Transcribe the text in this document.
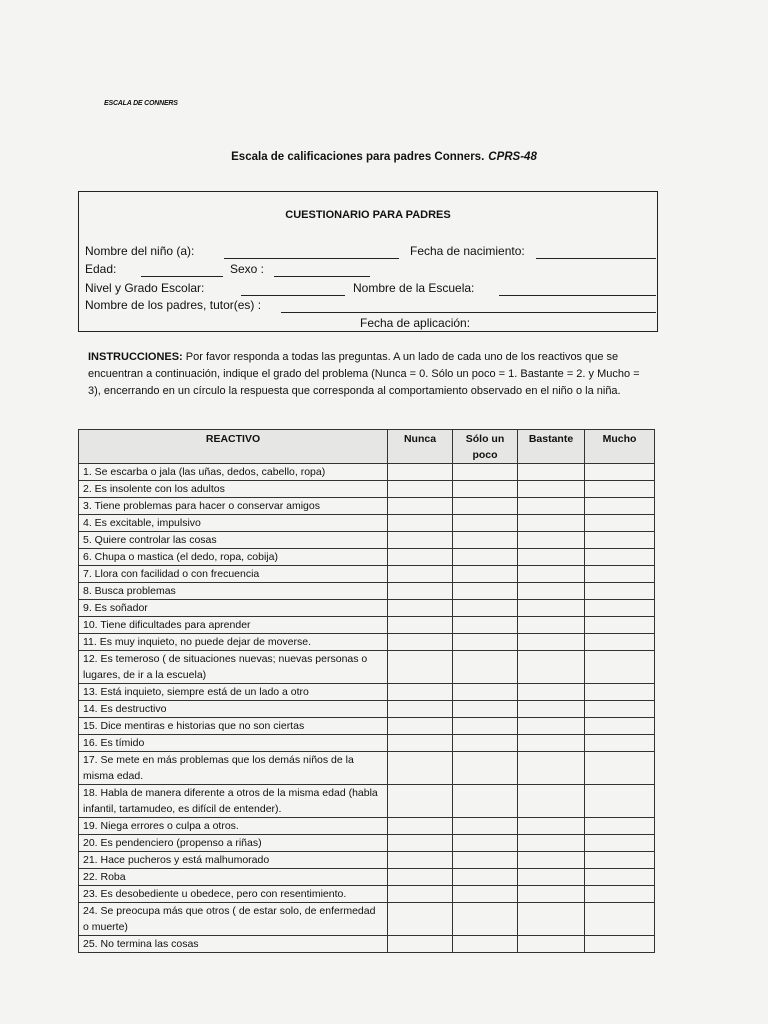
ESCALA DE CONNERS
Escala de calificaciones para padres Conners. CPRS-48
CUESTIONARIO PARA PADRES
Nombre del niño (a):	Fecha de nacimiento:
Edad:	Sexo :
Nivel y Grado Escolar:	Nombre de la Escuela:
Nombre de los padres, tutor(es) :
Fecha de aplicación:
INSTRUCCIONES: Por favor responda a todas las preguntas. A un lado de cada uno de los reactivos que se encuentran a continuación, indique el grado del problema (Nunca = 0. Sólo un poco = 1. Bastante = 2. y Mucho = 3), encerrando en un círculo la respuesta que corresponda al comportamiento observado en el niño o la niña.
REACTIVO	Nunca	Sólo un poco	Bastante	Mucho
1. Se escarba o jala (las uñas, dedos, cabello, ropa)				
2. Es insolente con los adultos				
3. Tiene problemas para hacer o conservar amigos				
4. Es excitable, impulsivo				
5. Quiere controlar las cosas				
6. Chupa o mastica (el dedo, ropa, cobija)				
7. Llora con facilidad o con frecuencia				
8. Busca problemas				
9. Es soñador				
10. Tiene dificultades para aprender				
11. Es muy inquieto, no puede dejar de moverse.				
12. Es temeroso ( de situaciones nuevas; nuevas personas o lugares, de ir a la escuela)				
13. Está inquieto, siempre está de un lado a otro				
14. Es destructivo				
15. Dice mentiras e historias que no son ciertas				
16. Es tímido				
17. Se mete en más problemas que los demás niños de la misma edad.				
18. Habla de manera diferente a otros de la misma edad (habla infantil, tartamudeo, es difícil de entender).				
19. Niega errores o culpa a otros.				
20. Es pendenciero (propenso a riñas)				
21. Hace pucheros y está malhumorado				
22. Roba				
23. Es desobediente u obedece, pero con resentimiento.				
24. Se preocupa más que otros ( de estar solo, de enfermedad o muerte)				
25. No termina las cosas				
